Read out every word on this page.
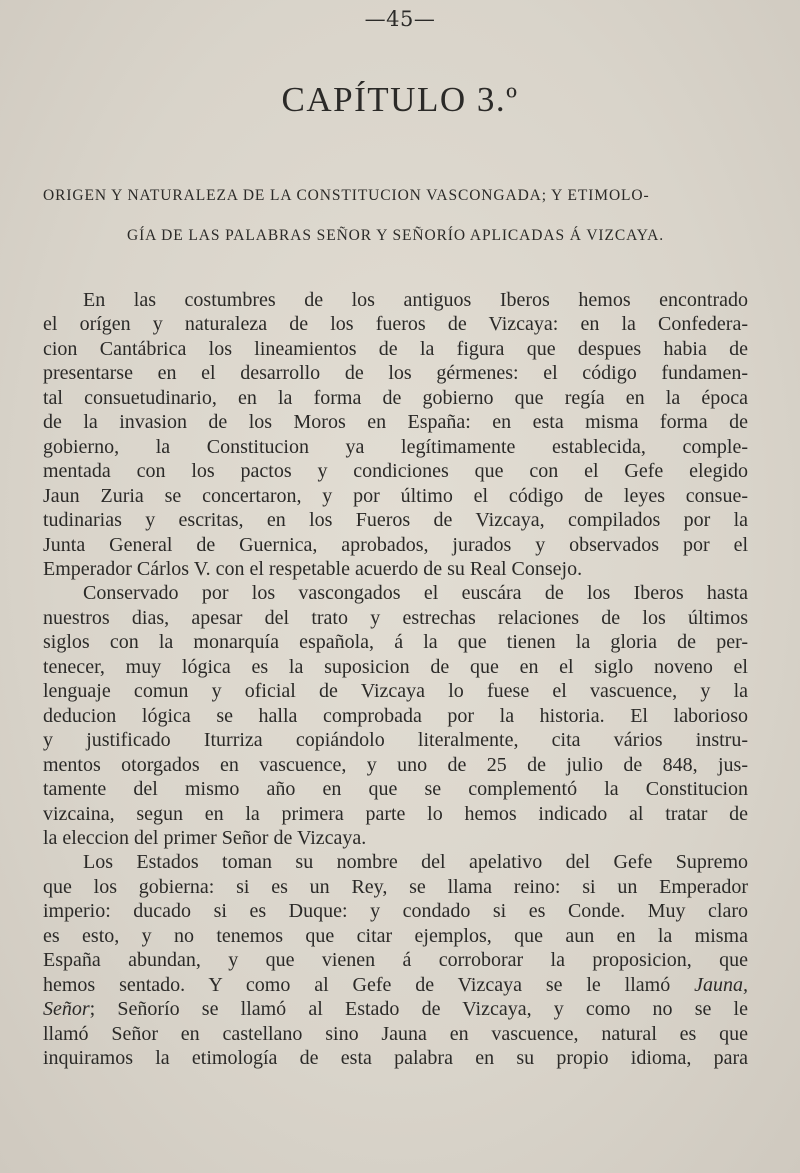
—45—
CAPÍTULO 3.º
ORIGEN Y NATURALEZA DE LA CONSTITUCION VASCONGADA; Y ETIMOLO-
GÍA DE LAS PALABRAS SEÑOR Y SEÑORÍO APLICADAS Á VIZCAYA.
En las costumbres de los antiguos Iberos hemos encontrado
el orígen y naturaleza de los fueros de Vizcaya: en la Confedera-
cion Cantábrica los lineamientos de la figura que despues habia de
presentarse en el desarrollo de los gérmenes: el código fundamen-
tal consuetudinario, en la forma de gobierno que regía en la época
de la invasion de los Moros en España: en esta misma forma de
gobierno, la Constitucion ya legítimamente establecida, comple-
mentada con los pactos y condiciones que con el Gefe elegido
Jaun Zuria se concertaron, y por último el código de leyes consue-
tudinarias y escritas, en los Fueros de Vizcaya, compilados por la
Junta General de Guernica, aprobados, jurados y observados por el
Emperador Cárlos V. con el respetable acuerdo de su Real Consejo.
Conservado por los vascongados el euscára de los Iberos hasta
nuestros dias, apesar del trato y estrechas relaciones de los últimos
siglos con la monarquía española, á la que tienen la gloria de per-
tenecer, muy lógica es la suposicion de que en el siglo noveno el
lenguaje comun y oficial de Vizcaya lo fuese el vascuence, y la
deducion lógica se halla comprobada por la historia. El laborioso
y justificado Iturriza copiándolo literalmente, cita vários instru-
mentos otorgados en vascuence, y uno de 25 de julio de 848, jus-
tamente del mismo año en que se complementó la Constitucion
vizcaina, segun en la primera parte lo hemos indicado al tratar de
la eleccion del primer Señor de Vizcaya.
Los Estados toman su nombre del apelativo del Gefe Supremo
que los gobierna: si es un Rey, se llama reino: si un Emperador
imperio: ducado si es Duque: y condado si es Conde. Muy claro
es esto, y no tenemos que citar ejemplos, que aun en la misma
España abundan, y que vienen á corroborar la proposicion, que
hemos sentado. Y como al Gefe de Vizcaya se le llamó Jauna,
Señor; Señorío se llamó al Estado de Vizcaya, y como no se le
llamó Señor en castellano sino Jauna en vascuence, natural es que
inquiramos la etimología de esta palabra en su propio idioma, para
